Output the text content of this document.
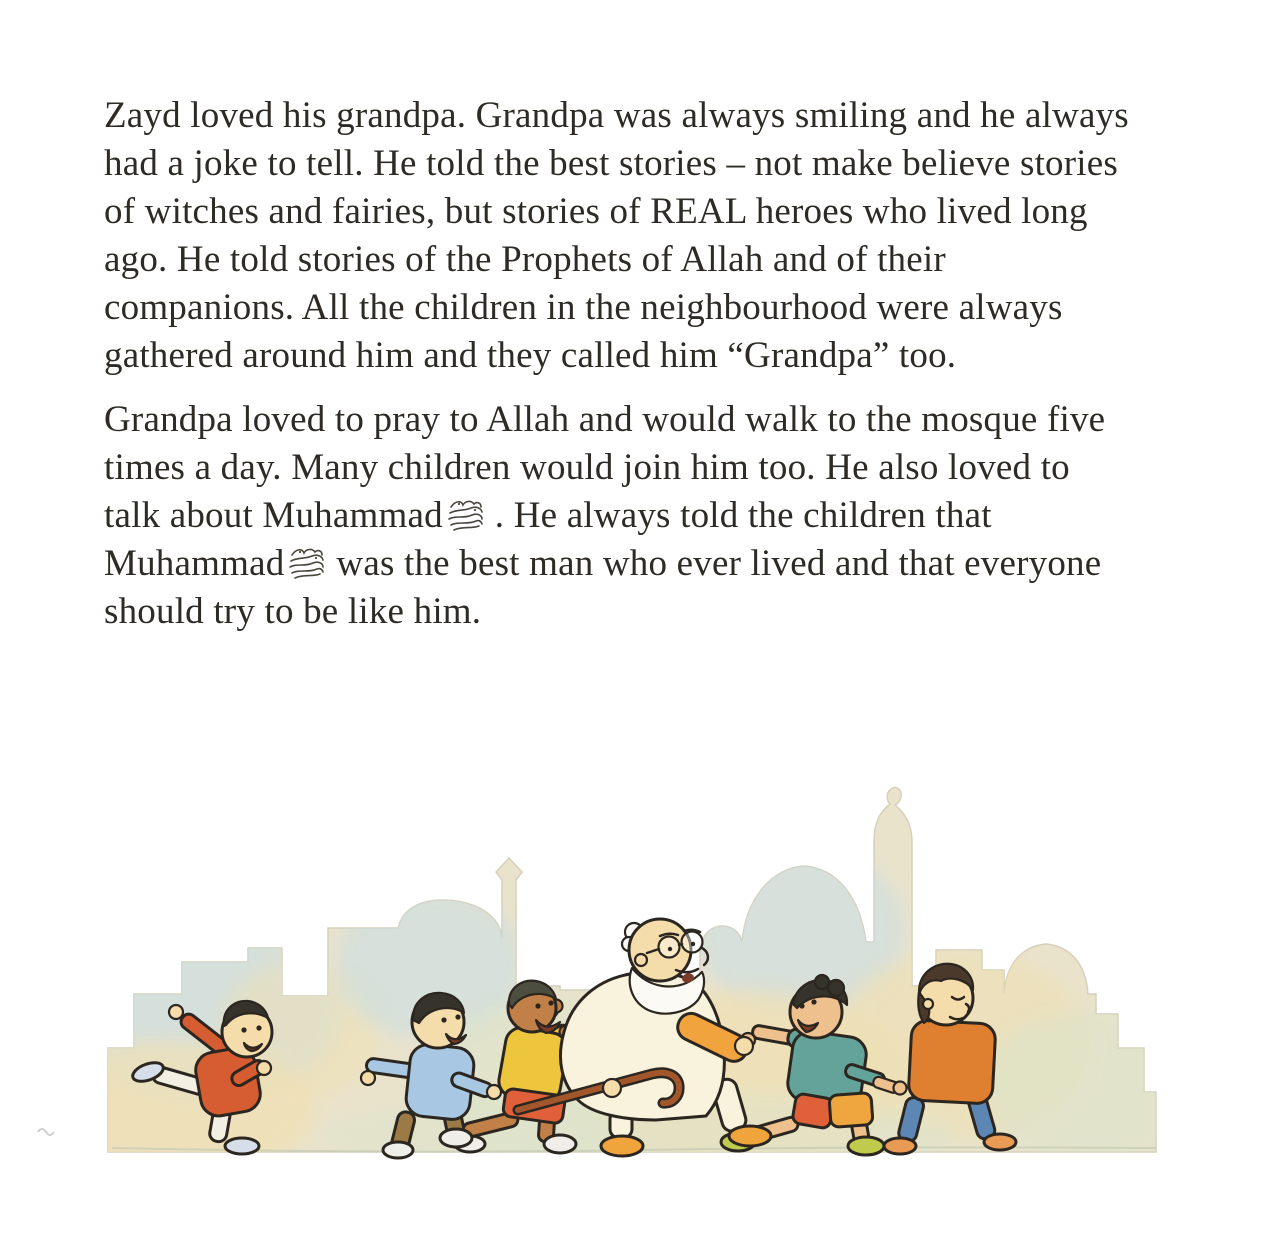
Zayd loved his grandpa. Grandpa was always smiling and he always
had a joke to tell. He told the best stories – not make believe stories
of witches and fairies, but stories of REAL heroes who lived long
ago. He told stories of the Prophets of Allah and of their
companions. All the children in the neighbourhood were always
gathered around him and they called him “Grandpa” too.

Grandpa loved to pray to Allah and would walk to the mosque five
times a day. Many children would join him too. He also loved to
talk about Muhammad . He always told the children that
Muhammad was the best man who ever lived and that everyone
should try to be like him.
